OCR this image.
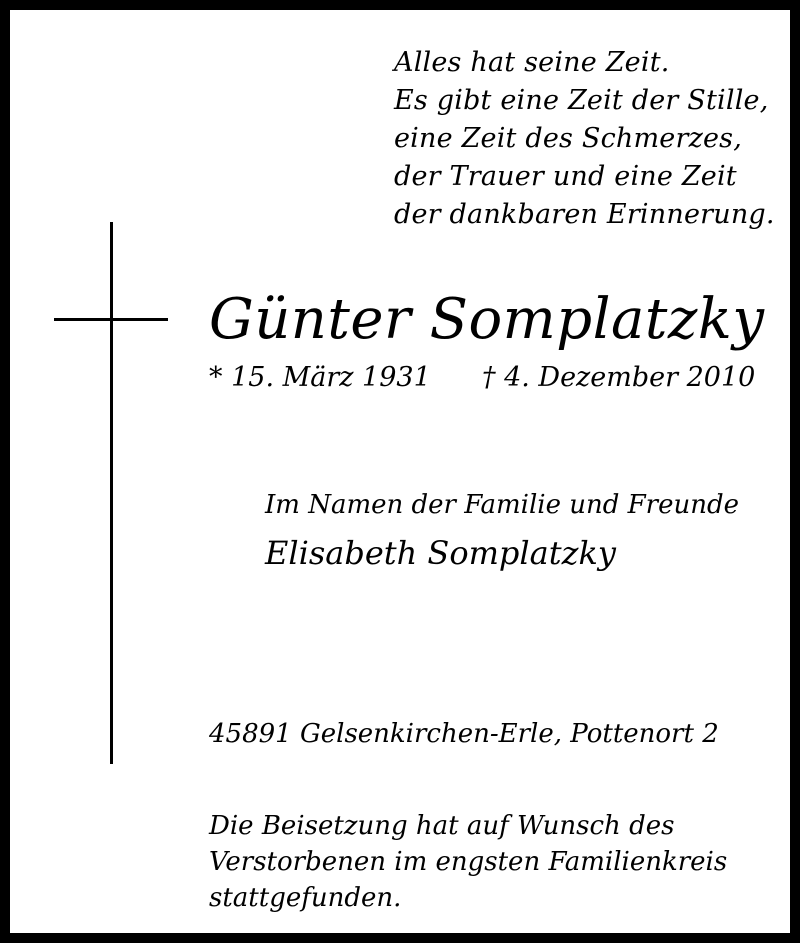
Alles hat seine Zeit.
Es gibt eine Zeit der Stille,
eine Zeit des Schmerzes,
der Trauer und eine Zeit
der dankbaren Erinnerung.
Günter Somplatzky
* 15. März 1931 † 4. Dezember 2010
Im Namen der Familie und Freunde
Elisabeth Somplatzky
45891 Gelsenkirchen-Erle, Pottenort 2
Die Beisetzung hat auf Wunsch des
Verstorbenen im engsten Familienkreis
stattgefunden.
